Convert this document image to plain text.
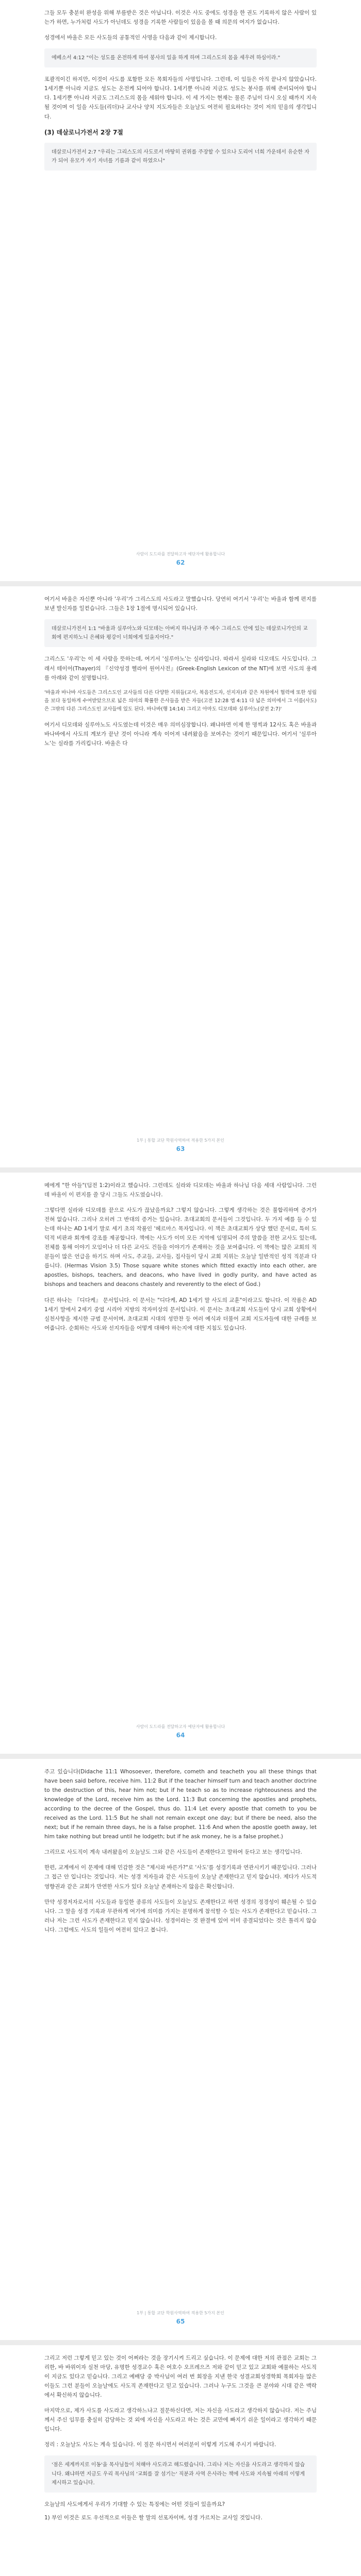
그들 모두 충분히 완성을 위해 부름받은 것은 아닙니다. 이것은 사도 중에도 성경을 한 권도 기록하지 않은 사람이 있는가 하면, 누가처럼 사도가 아닌데도 성경을 기록한 사람들이 있음을 볼 때 의문의 여지가 없습니다.

성경에서 바울은 모든 사도들의 공통적인 사명을 다음과 같이 제시합니다.

에베소서 4:12 "이는 성도를 온전하게 하여 봉사의 일을 하게 하며 그리스도의 몸을 세우려 하심이라."

포괄적이긴 하지만, 이것이 사도를 포함한 모든 목회자들의 사명입니다. 그런데, 이 임들은 아직 끝나지 않았습니다. 1세기뿐 아니라 지금도 성도는 온전케 되어야 합니다. 1세기뿐 아니라 지금도 성도는 봉사를 위해 준비되어야 합니다. 1세기뿐 아니라 지금도 그리스도의 몸을 세워야 합니다. 이 세 가지는 현재는 물론 주님이 다시 오실 때까지 지속될 것이며 이 일을 사도들(리더)나 교사나 양치 지도자들은 오늘날도 여전히 필요하다는 것이 저의 믿음의 생각입니다.

(3) 데살로니가전서 2장 7절
데살로니가전서 2:7 "우리는 그리스도의 사도로서 마땅히 권위를 주장할 수 있으나 도리어 너희 가운데서 유순한 자가 되어 유모가 자기 자녀를 기름과 같이 하였으니"
사람이 도드라를 전달하고자 예단자에 활용합니다
62

여기서 바울은 자신뿐 아니라 '우리'가 그리스도의 사도라고 말했습니다. 당연히 여기서 '우리'는 바울과 함께 편지를 보낸 발신자를 일컫습니다. 그들은 1장 1절에 명시되어 있습니다.

데살로니가전서 1:1 "바울과 실루아노와 디모데는 아버지 하나님과 주 예수 그리스도 안에 있는 데살로니가인의 교회에 편지하노니 은혜와 평강이 너희에게 있을지어다."

그리스도 '우리'는 이 세 사람을 뜻하는데, 여기서 '실루아노'는 실라입니다. 따라서 실라와 디모데도 사도입니다. 그래서 테이어(Thayer)의 『신약성경 헬라어 원어사전』(Greek-English Lexicon of the NT)에 보면 사도의 용례를 아래와 같이 설명합니다.

'바울과 바나바 사도들은 그리스도인 교사들의 다른 다양한 지위들(교사, 복음전도자, 선지자)과 같은 차원에서 협력에 또한 성립을 보다 동일하게 수여받았으므로 넓은 의미의 확률한 은사들을 받은 자들(고전 12:28 엡 4:11 다 넓은 의미에서 그 이름(사도)은 그밖의 다른 그리스도인 교사들에 있도 된다. 바나바(행 14:14) 그리고 아마도 디모데와 실루아노(살전 2:7)'

여기서 디모데와 실루아노도 사도였는데 이것은 매우 의미심장합니다. 왜냐하면 이제 한 명씩과 12사도 혹은 바울과 바나바에서 사도의 계보가 끝난 것이 아니라 계속 이어져 내려왔음을 보여주는 것이기 때문입니다. 여기서 '실루아노'는 실라를 가리킵니다. 바울은 다

1부 | 통합 교단 학원사역하여 적용한 5가지 본인
63

메에게 "한 아들"(딤전 1:2)이라고 했습니다. 그런데도 실라와 디모데는 바울과 하나님 다음 세대 사람입니다. 그런데 바울이 이 편지를 쓸 당시 그들도 사도였습니다.

그렇다면 실라와 디모데를 끝으로 사도가 끊났을까요? 그렇지 않습니다. 그렇게 생각하는 것은 불합리하며 증거가 전혀 없습니다. 그리나 오히려 그 반대의 증거는 있습니다. 초대교회의 문서들이 그것입니다. 두 가지 예를 들 수 있는데 하나는 AD 1세기 말로 세기 초의 작품인 '헤르마스 목자입니다. 이 책은 초대교회가 상당 했던 문서로, 특히 도덕적 비판과 회개에 강조를 제공합니다. 책에는 사도가 이미 모든 지역에 임명되어 주의 말씀을 전한 교사도 있는데, 전체를 통해 이야기 모임이나 더 다른 교사도 건들을 이야기가 존재하는 것을 보여줍니다. 이 책에는 많은 교회의 직분들이 많은 언급을 하기도 하며 사도, 주교들, 교사들, 집사들이 당시 교회 지위는 오늘날 일반적인 성직 직분과 다릅니다. (Hermas Vision 3.5) Those square white stones which fitted exactly into each other, are apostles, bishops, teachers, and deacons, who have lived in godly purity, and have acted as bishops and teachers and deacons chastely and reverently to the elect of God.)

다른 하나는 『디다케』 문서입니다. 이 문서는 "디다케, AD 1세기 말 사도의 교훈"이라고도 합니다. 이 작품은 AD 1세기 말에서 2세기 중엽 시리아 지방의 작자미상의 문서입니다. 이 문서는 초대교회 사도들이 당시 교회 상황에서 실천사항을 제시한 규범 문서이며, 초대교회 시대의 성만찬 등 여러 예식과 더불어 교회 지도자들에 대한 규례를 보여줍니다. 순회하는 사도와 선지자들을 어떻게 대해야 하는지에 대한 지침도 있습니다.

사람이 도드라를 전달하고자 예단자에 활용합니다
64

주고 있습니다(Didache 11:1 Whosoever, therefore, cometh and teacheth you all these things that have been said before, receive him. 11:2 But if the teacher himself turn and teach another doctrine to the destruction of this, hear him not; but if he teach so as to increase righteousness and the knowledge of the Lord, receive him as the Lord. 11:3 But concerning the apostles and prophets, according to the decree of the Gospel, thus do. 11:4 Let every apostle that cometh to you be received as the Lord. 11:5 But he shall not remain except one day; but if there be need, also the next; but if he remain three days, he is a false prophet. 11:6 And when the apostle goeth away, let him take nothing but bread until he lodgeth; but if he ask money, he is a false prophet.)

그리므로 사도직이 계속 내려왔음이 오늘날도 그와 같은 사도들이 존재한다고 말하여 둔다고 보는 생각입니다.

한편, 교계에서 이 문제에 대해 민감한 것은 "제시와 바른가?"로 '사도'를 성경기록과 연관시키기 때문입니다. 그러나 그 접근 안 입니다는 것입니다. 저는 성경 저자들과 같은 사도들이 오늘날 존재한다고 믿지 않습니다. 제다가 사도적 영향권과 같은 교회가 만연한 사도가 있다 오늘날 존재하는지 않음은 확신합니다.

만약 성경저자로서의 사도들과 동일한 종류의 사도들이 오늘날도 존재한다고 하면 성경의 정경성이 훼손될 수 있습니다. 그 말을 성경 기록과 무관하게 여기에 의미를 가지는 분명하게 참석할 수 있는 사도가 존재한다고 믿습니다. 그러나 저는 그런 사도가 존재한다고 믿지 않습니다. 성경이라는 것 완결에 있어 이미 종결되었다는 것은 틀리지 않습니다. 그럼에도 사도의 일들이 여전히 있다고 봅니다.

1부 | 통합 교단 학원사역하여 적용한 5가지 본인
65

그리고 저런 그렇게 믿고 있는 것이 어쩌라는 것을 장기시켜 드리고 싶습니다. 이 문제에 대한 저의 관점은 교회는 그리한, 바 바위이자 실천 마당, 유명한 성경교수 혹은 여호수 오프레으즈 저와 같이 믿고 있고 교회와 예물하는 사도직이 지금도 있다고 믿습니다. 그리고 예배당 중 박사님이 여러 번 회장을 지낸 한국 성결교회성경학회 목회자들 많은 이들도 그런 분들이 오늘날에도 사도직 존재한다고 믿고 있습니다. 그러나 누구도 그것을 큰 분야와 시대 같은 맥락에서 확신하지 않습니다.

마지막으로, 제가 사도를 사도라고 생각하느냐고 질문하신다면, 저는 자신을 사도라고 생각하지 않습니다. 저는 주님께서 주신 임무를 충실히 감당하는 것 외에 자신을 사도라고 하는 것은 교만에 빠지기 쉬운 일이라고 생각하기 때문입니다.

정리 : 오늘날도 사도는 계속 있습니다. 이 질문 하시면서 여러분이 이렇게 기도해 주시기 바랍니다.

'점은 세계까지로 이동'을 목사님들이 처해야 사도라고 해드렸습니다. 그리나 저는 자신을 사도라고 생각하지 않습니다. 왜냐하면 지금도 우리 목사님의 '교회를 잘 섬기는' 직분과 사역 은사라는 책에 사도와 지속될 아래의 이렇게 제시하고 있습니다.

오늘날의 사도에게서 우리가 기대할 수 있는 특징에는 어떤 것들이 있을까요?

1) 부인 이것은 로도 우선적으로 이들은 할 말의 선포자이며, 성경 가르치는 교사일 것입니다.
